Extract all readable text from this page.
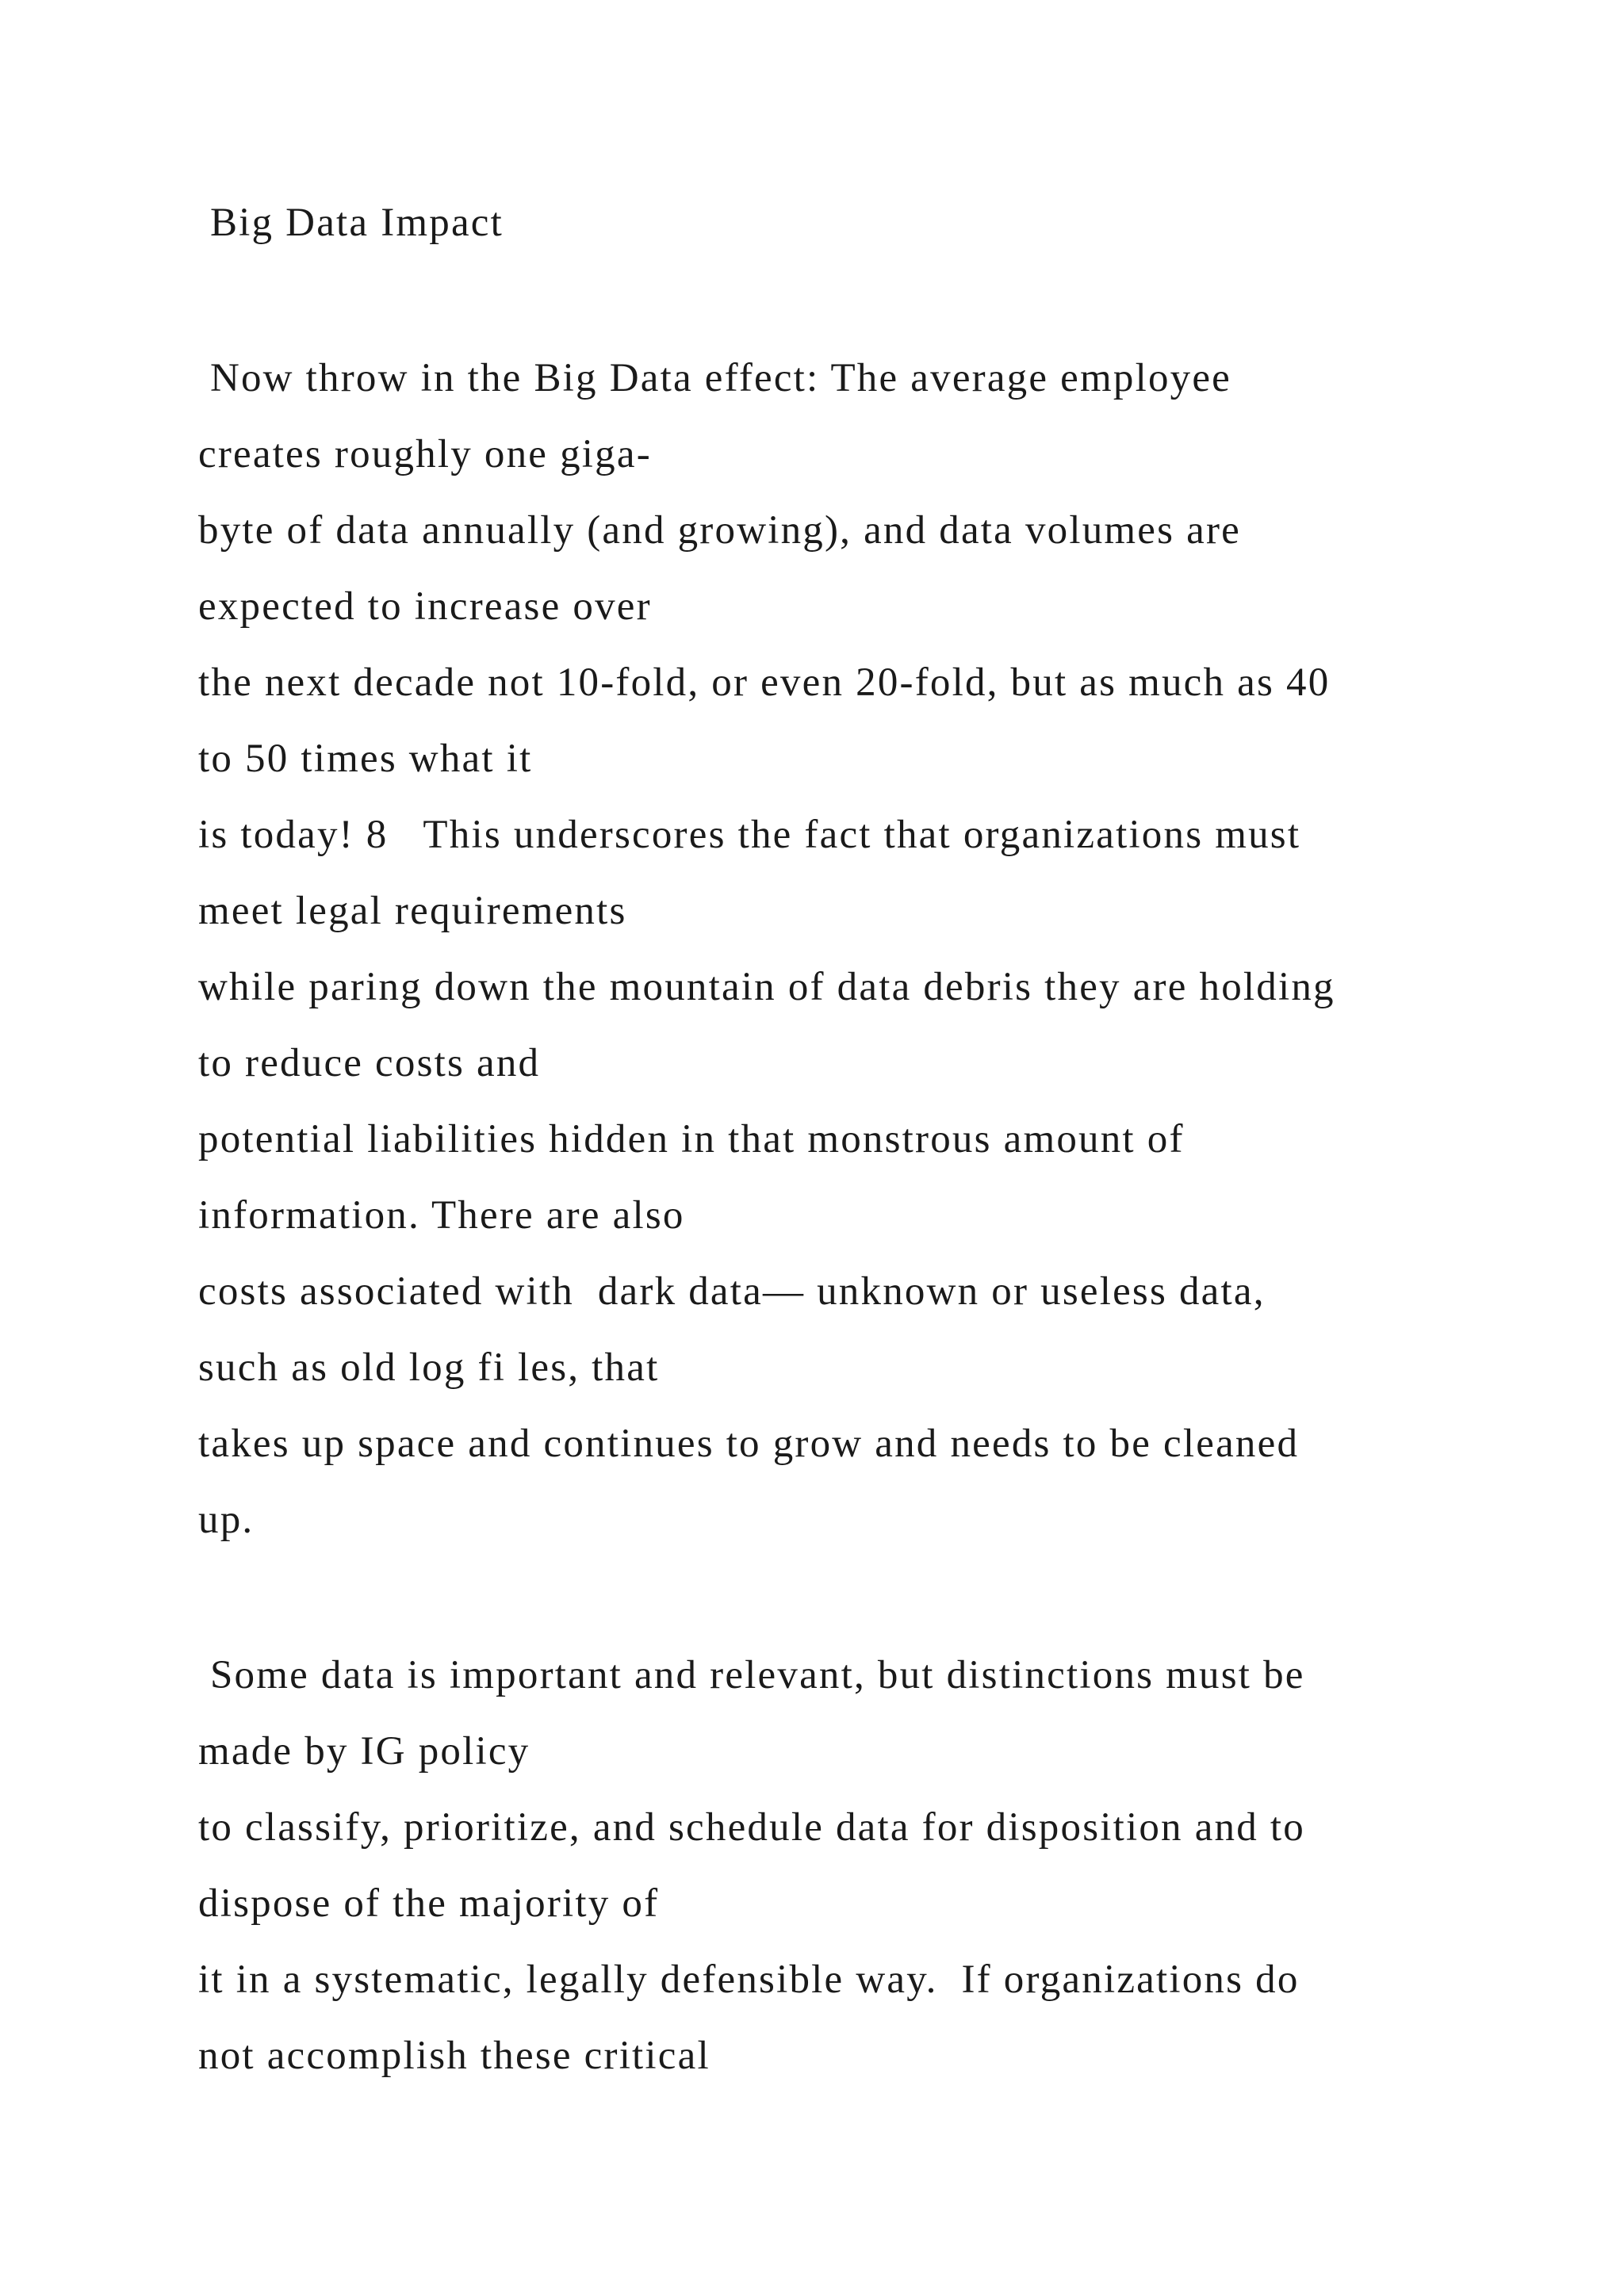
Big Data Impact
Now throw in the Big Data effect: The average employee
creates roughly one giga-
byte of data annually (and growing), and data volumes are
expected to increase over
the next decade not 10-fold, or even 20-fold, but as much as 40
to 50 times what it
is today! 8   This underscores the fact that organizations must
meet legal requirements
while paring down the mountain of data debris they are holding
to reduce costs and
potential liabilities hidden in that monstrous amount of
information. There are also
costs associated with  dark data— unknown or useless data,
such as old log fi les, that
takes up space and continues to grow and needs to be cleaned
up.
Some data is important and relevant, but distinctions must be
made by IG policy
to classify, prioritize, and schedule data for disposition and to
dispose of the majority of
it in a systematic, legally defensible way.  If organizations do
not accomplish these critical
